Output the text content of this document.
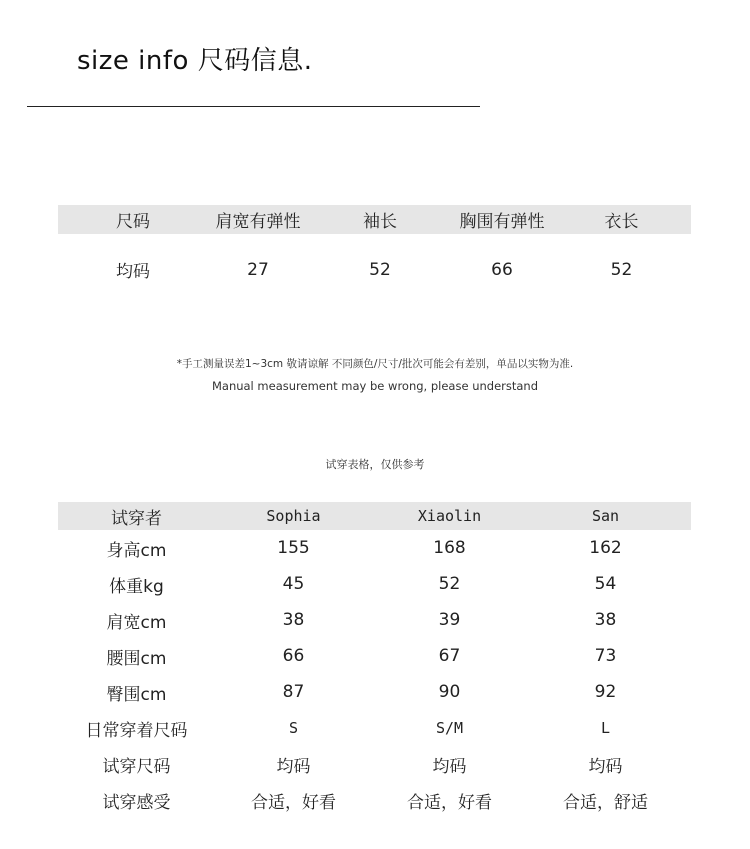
size info 尺码信息.
尺码	肩宽有弹性	袖长	胸围有弹性	衣长
均码	27	52	66	52
*手工测量误差1~3cm 敬请谅解 不同颜色/尺寸/批次可能会有差别，单品以实物为准.
Manual measurement may be wrong, please understand
试穿表格，仅供参考
试穿者	Sophia	Xiaolin	San
身高cm	155	168	162
体重kg	45	52	54
肩宽cm	38	39	38
腰围cm	66	67	73
臀围cm	87	90	92
日常穿着尺码	S	S/M	L
试穿尺码	均码	均码	均码
试穿感受	合适，好看	合适，好看	合适，舒适
